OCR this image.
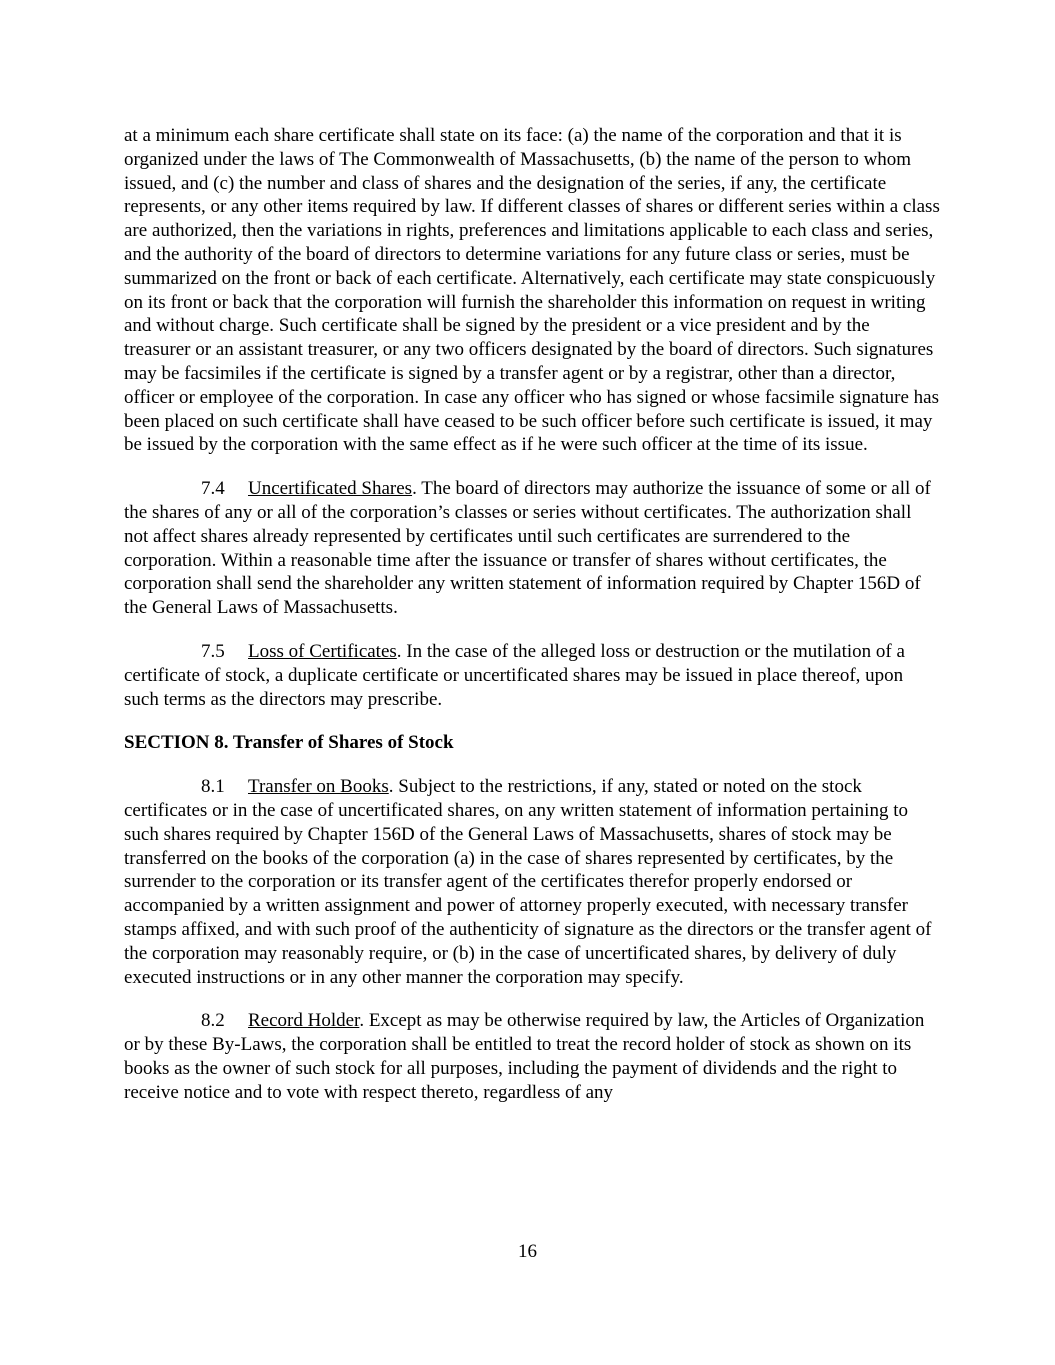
at a minimum each share certificate shall state on its face: (a) the name of the corporation and that it is organized under the laws of The Commonwealth of Massachusetts, (b) the name of the person to whom issued, and (c) the number and class of shares and the designation of the series, if any, the certificate represents, or any other items required by law. If different classes of shares or different series within a class are authorized, then the variations in rights, preferences and limitations applicable to each class and series, and the authority of the board of directors to determine variations for any future class or series, must be summarized on the front or back of each certificate. Alternatively, each certificate may state conspicuously on its front or back that the corporation will furnish the shareholder this information on request in writing and without charge. Such certificate shall be signed by the president or a vice president and by the treasurer or an assistant treasurer, or any two officers designated by the board of directors. Such signatures may be facsimiles if the certificate is signed by a transfer agent or by a registrar, other than a director, officer or employee of the corporation. In case any officer who has signed or whose facsimile signature has been placed on such certificate shall have ceased to be such officer before such certificate is issued, it may be issued by the corporation with the same effect as if he were such officer at the time of its issue.

7.4 Uncertificated Shares. The board of directors may authorize the issuance of some or all of the shares of any or all of the corporation’s classes or series without certificates. The authorization shall not affect shares already represented by certificates until such certificates are surrendered to the corporation. Within a reasonable time after the issuance or transfer of shares without certificates, the corporation shall send the shareholder any written statement of information required by Chapter 156D of the General Laws of Massachusetts.

7.5 Loss of Certificates. In the case of the alleged loss or destruction or the mutilation of a certificate of stock, a duplicate certificate or uncertificated shares may be issued in place thereof, upon such terms as the directors may prescribe.

SECTION 8. Transfer of Shares of Stock

8.1 Transfer on Books. Subject to the restrictions, if any, stated or noted on the stock certificates or in the case of uncertificated shares, on any written statement of information pertaining to such shares required by Chapter 156D of the General Laws of Massachusetts, shares of stock may be transferred on the books of the corporation (a) in the case of shares represented by certificates, by the surrender to the corporation or its transfer agent of the certificates therefor properly endorsed or accompanied by a written assignment and power of attorney properly executed, with necessary transfer stamps affixed, and with such proof of the authenticity of signature as the directors or the transfer agent of the corporation may reasonably require, or (b) in the case of uncertificated shares, by delivery of duly executed instructions or in any other manner the corporation may specify.

8.2 Record Holder. Except as may be otherwise required by law, the Articles of Organization or by these By-Laws, the corporation shall be entitled to treat the record holder of stock as shown on its books as the owner of such stock for all purposes, including the payment of dividends and the right to receive notice and to vote with respect thereto, regardless of any

16
